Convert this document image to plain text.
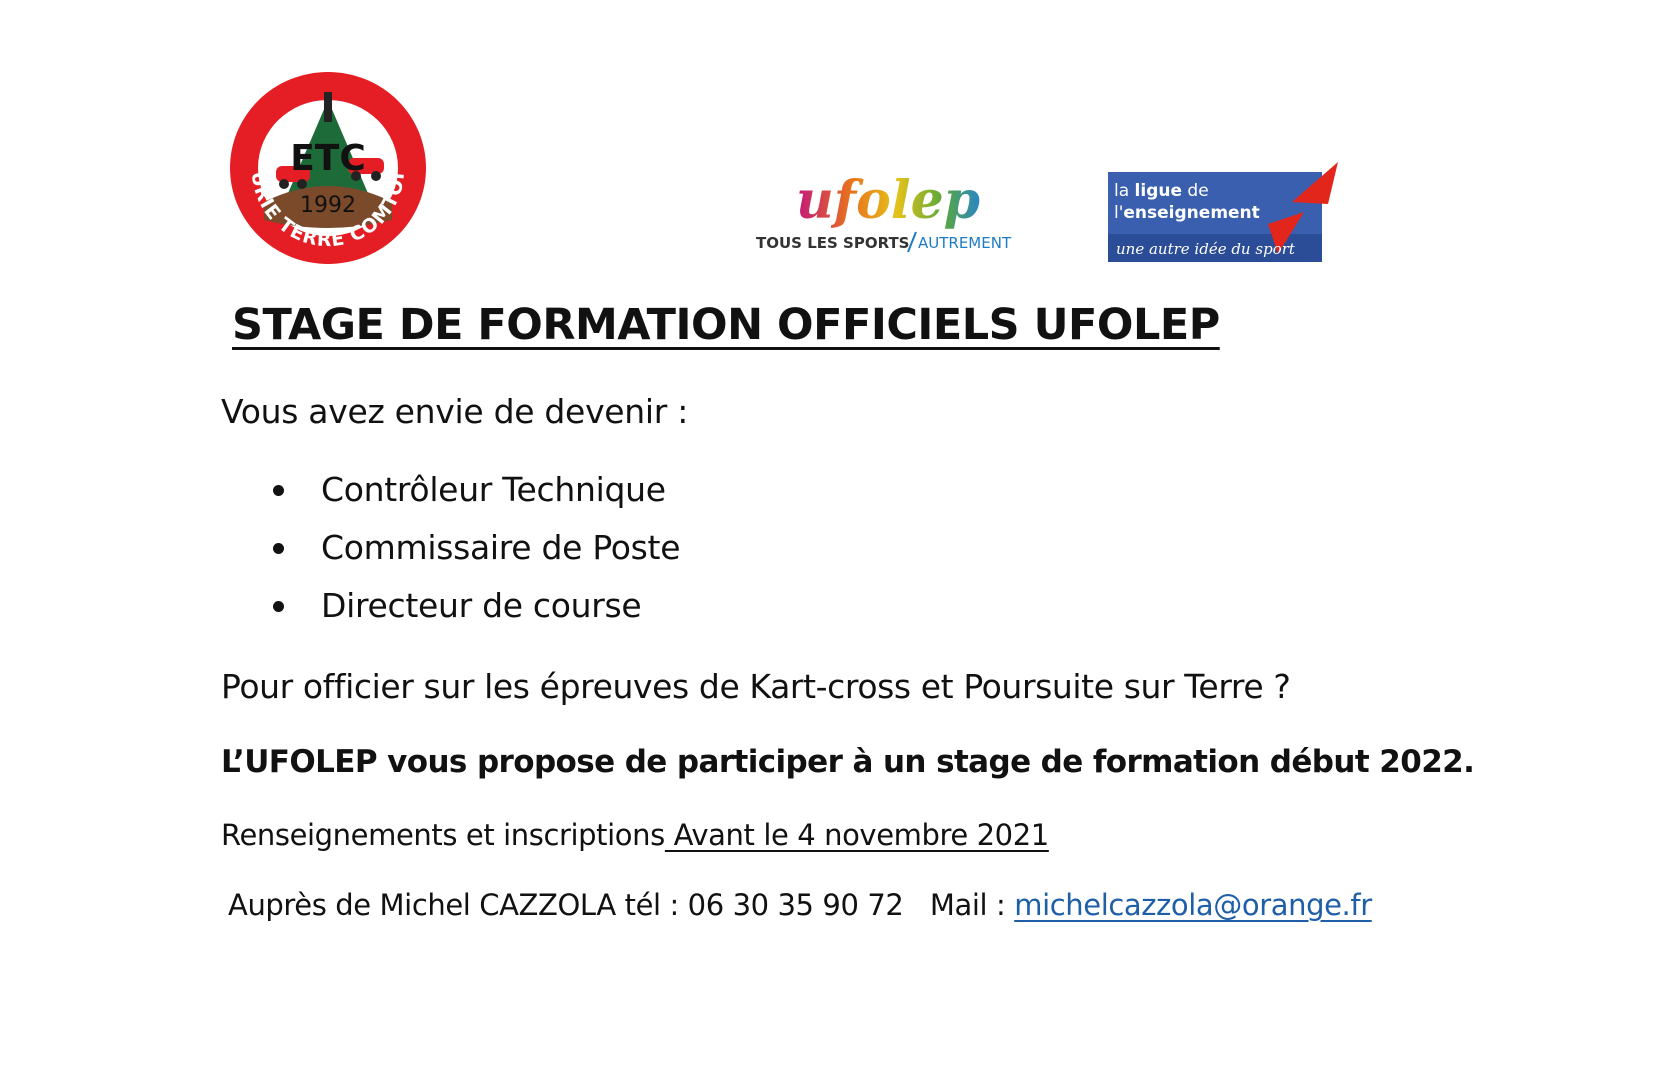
ETC
1992
URIE TERRE COMTOI	ufolep
TOUS LES SPORTS AUTREMENT
la ligue de
l'enseignement
une autre idée du sport
STAGE DE FORMATION OFFICIELS UFOLEP
Vous avez envie de devenir :
Contrôleur Technique
Commissaire de Poste
Directeur de course
Pour officier sur les épreuves de Kart-cross et Poursuite sur Terre ?
L’UFOLEP vous propose de participer à un stage de formation début 2022.
Renseignements et inscriptions Avant le 4 novembre 2021
Auprès de Michel CAZZOLA tél : 06 30 35 90 72   Mail : michelcazzola@orange.fr
